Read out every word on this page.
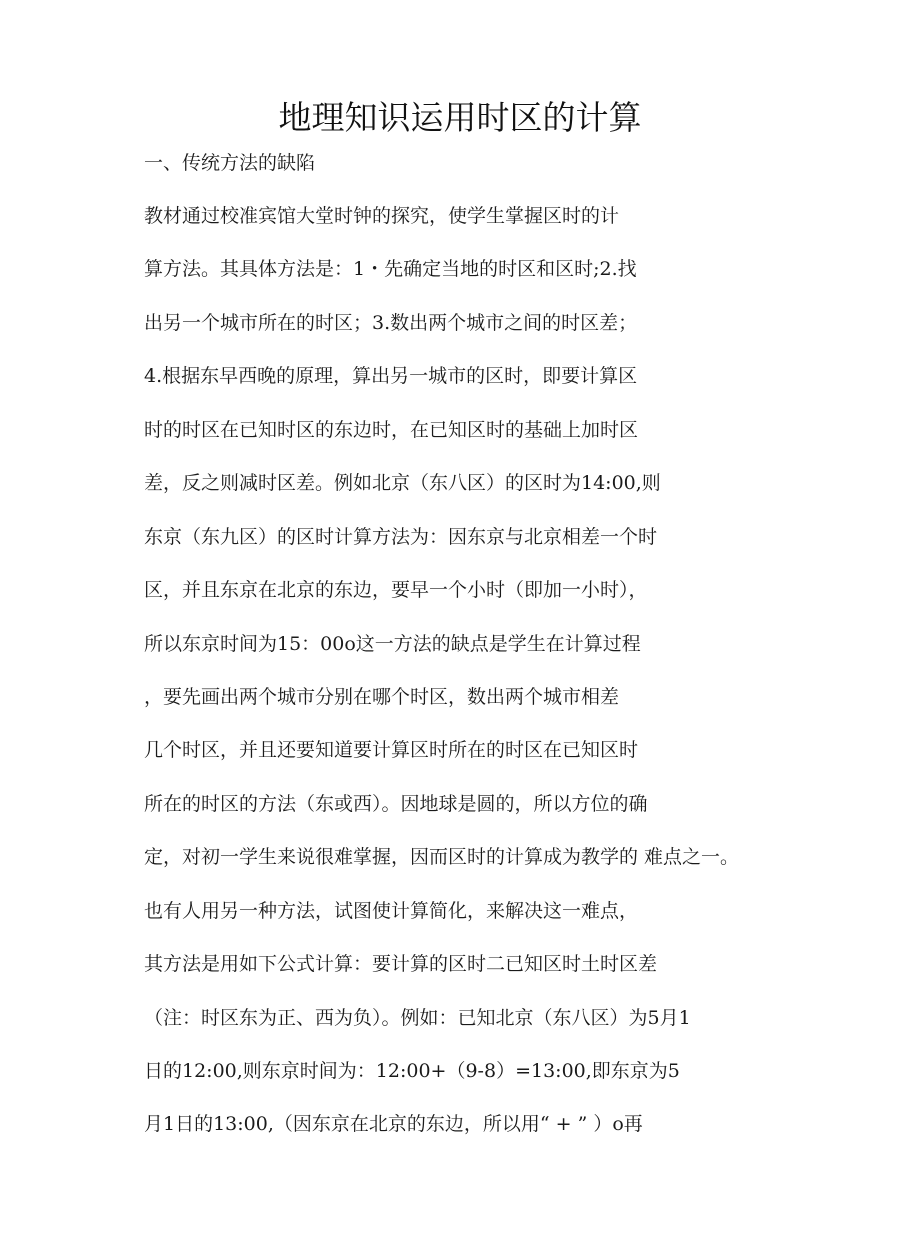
地理知识运用时区的计算
一、传统方法的缺陷
教材通过校准宾馆大堂时钟的探究，使学生掌握区时的计
算方法。其具体方法是：1・先确定当地的时区和区时;2.找
出另一个城市所在的时区；3.数出两个城市之间的时区差；
4.根据东早西晚的原理，算出另一城市的区时，即要计算区
时的时区在已知时区的东边时，在已知区时的基础上加时区
差，反之则减时区差。例如北京（东八区）的区时为14:00,则
东京（东九区）的区时计算方法为：因东京与北京相差一个时
区，并且东京在北京的东边，要早一个小时（即加一小时），
所以东京时间为15：00o这一方法的缺点是学生在计算过程
，要先画出两个城市分别在哪个时区，数出两个城市相差
几个时区，并且还要知道要计算区时所在的时区在已知区时
所在的时区的方法（东或西）。因地球是圆的，所以方位的确
定，对初一学生来说很难掌握，因而区时的计算成为教学的 难点之一。
也有人用另一种方法，试图使计算简化，来解决这一难点，
其方法是用如下公式计算：要计算的区时二已知区时土时区差
（注：时区东为正、西为负）。例如：已知北京（东八区）为5月1
日的12:00,则东京时间为：12:00+（9-8）=13:00,即东京为5
月1日的13:00,（因东京在北京的东边，所以用“ + ” ）o再
